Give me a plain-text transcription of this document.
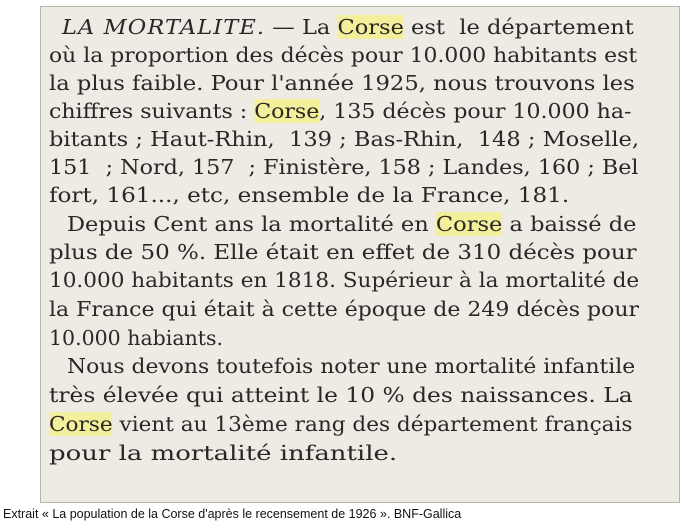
LA MORTALITE. — La Corse est  le département
où la proportion des décès pour 10.000 habitants est
la plus faible. Pour l'année 1925, nous trouvons les
chiffres suivants : Corse, 135 décès pour 10.000 ha-
bitants ; Haut-Rhin,  139 ; Bas-Rhin,  148 ; Moselle,
151  ; Nord, 157  ; Finistère, 158 ; Landes, 160 ; Bel
fort, 161..., etc, ensemble de la France, 181.
Depuis Cent ans la mortalité en Corse a baissé de
plus de 50 %. Elle était en effet de 310 décès pour
10.000 habitants en 1818. Supérieur à la mortalité de
la France qui était à cette époque de 249 décès pour
10.000 habiants.
Nous devons toutefois noter une mortalité infantile
très élevée qui atteint le 10 % des naissances. La
Corse vient au 13ème rang des département français
pour la mortalité infantile.
Extrait « La population de la Corse d'après le recensement de 1926 ». BNF-Gallica
